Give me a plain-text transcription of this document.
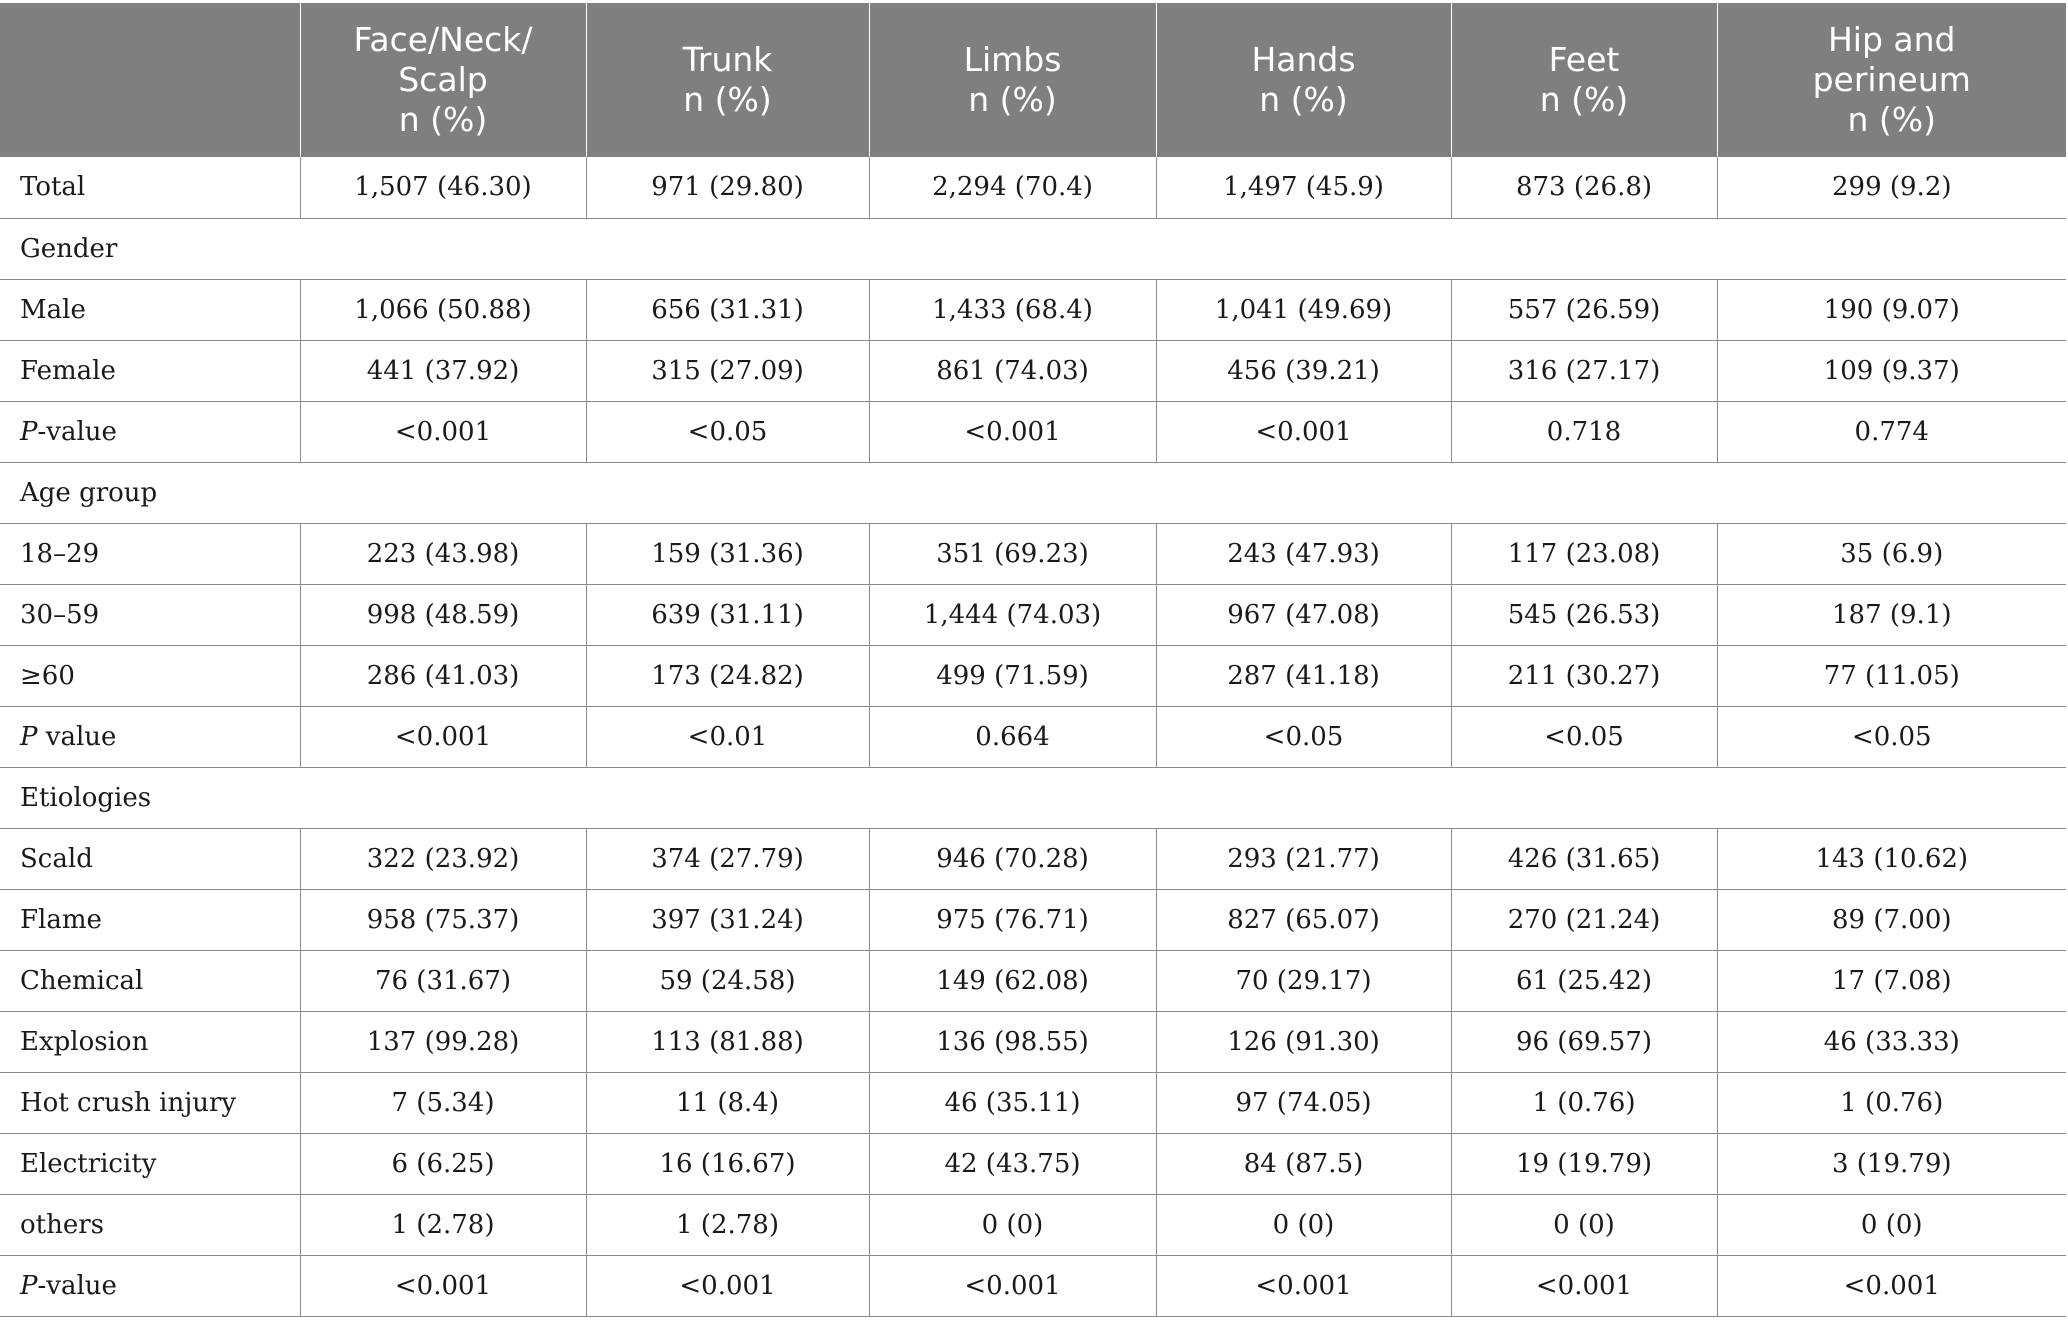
	Face/Neck/
Scalp
n (%)	Trunk
n (%)	Limbs
n (%)	Hands
n (%)	Feet
n (%)	Hip and
perineum
n (%)

Total	1,507 (46.30)	971 (29.80)	2,294 (70.4)	1,497 (45.9)	873 (26.8)	299 (9.2)
Gender						
Male	1,066 (50.88)	656 (31.31)	1,433 (68.4)	1,041 (49.69)	557 (26.59)	190 (9.07)
Female	441 (37.92)	315 (27.09)	861 (74.03)	456 (39.21)	316 (27.17)	109 (9.37)
P-value	<0.001	<0.05	<0.001	<0.001	0.718	0.774
Age group						
18–29	223 (43.98)	159 (31.36)	351 (69.23)	243 (47.93)	117 (23.08)	35 (6.9)
30–59	998 (48.59)	639 (31.11)	1,444 (74.03)	967 (47.08)	545 (26.53)	187 (9.1)
≥60	286 (41.03)	173 (24.82)	499 (71.59)	287 (41.18)	211 (30.27)	77 (11.05)
P value	<0.001	<0.01	0.664	<0.05	<0.05	<0.05
Etiologies						
Scald	322 (23.92)	374 (27.79)	946 (70.28)	293 (21.77)	426 (31.65)	143 (10.62)
Flame	958 (75.37)	397 (31.24)	975 (76.71)	827 (65.07)	270 (21.24)	89 (7.00)
Chemical	76 (31.67)	59 (24.58)	149 (62.08)	70 (29.17)	61 (25.42)	17 (7.08)
Explosion	137 (99.28)	113 (81.88)	136 (98.55)	126 (91.30)	96 (69.57)	46 (33.33)
Hot crush injury	7 (5.34)	11 (8.4)	46 (35.11)	97 (74.05)	1 (0.76)	1 (0.76)
Electricity	6 (6.25)	16 (16.67)	42 (43.75)	84 (87.5)	19 (19.79)	3 (19.79)
others	1 (2.78)	1 (2.78)	0 (0)	0 (0)	0 (0)	0 (0)
P-value	<0.001	<0.001	<0.001	<0.001	<0.001	<0.001
